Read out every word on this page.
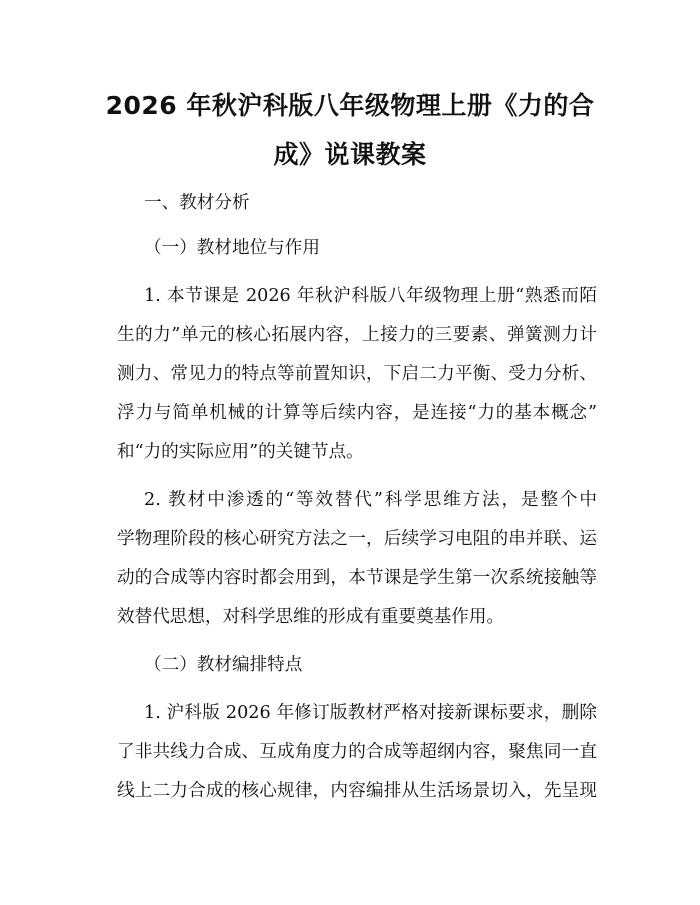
2026 年秋沪科版八年级物理上册《力的合
成》说课教案
一、教材分析
（一）教材地位与作用
1. 本节课是 2026 年秋沪科版八年级物理上册“熟悉而陌
生的力”单元的核心拓展内容，上接力的三要素、弹簧测力计
测力、常见力的特点等前置知识，下启二力平衡、受力分析、
浮力与简单机械的计算等后续内容，是连接“力的基本概念”
和“力的实际应用”的关键节点。
2. 教材中渗透的“等效替代”科学思维方法，是整个中
学物理阶段的核心研究方法之一，后续学习电阻的串并联、运
动的合成等内容时都会用到，本节课是学生第一次系统接触等
效替代思想，对科学思维的形成有重要奠基作用。
（二）教材编排特点
1. 沪科版 2026 年修订版教材严格对接新课标要求，删除
了非共线力合成、互成角度力的合成等超纲内容，聚焦同一直
线上二力合成的核心规律，内容编排从生活场景切入，先呈现
